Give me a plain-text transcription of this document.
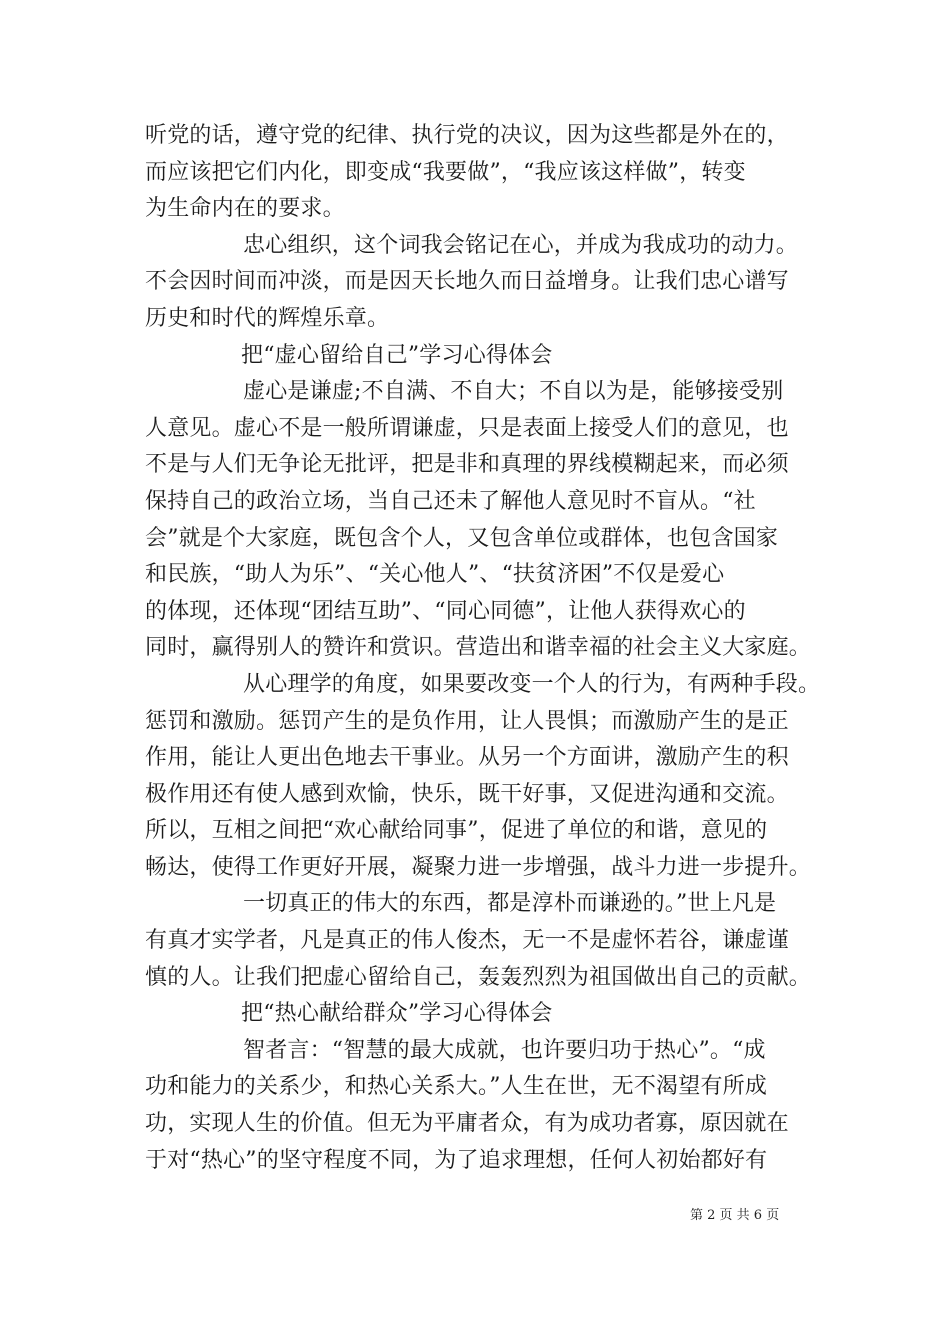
听党的话，遵守党的纪律、执行党的决议，因为这些都是外在的，
而应该把它们内化，即变成“我要做”，“我应该这样做”，转变
为生命内在的要求。
忠心组织，这个词我会铭记在心，并成为我成功的动力。
不会因时间而冲淡，而是因天长地久而日益增身。让我们忠心谱写
历史和时代的辉煌乐章。
把“虚心留给自己”学习心得体会
虚心是谦虚;不自满、不自大；不自以为是，能够接受别
人意见。虚心不是一般所谓谦虚，只是表面上接受人们的意见，也
不是与人们无争论无批评，把是非和真理的界线模糊起来，而必须
保持自己的政治立场，当自己还未了解他人意见时不盲从。“社
会”就是个大家庭，既包含个人，又包含单位或群体，也包含国家
和民族，“助人为乐”、“关心他人”、“扶贫济困”不仅是爱心
的体现，还体现“团结互助”、“同心同德”，让他人获得欢心的
同时，赢得别人的赞许和赏识。营造出和谐幸福的社会主义大家庭。
从心理学的角度，如果要改变一个人的行为，有两种手段。
惩罚和激励。惩罚产生的是负作用，让人畏惧；而激励产生的是正
作用，能让人更出色地去干事业。从另一个方面讲，激励产生的积
极作用还有使人感到欢愉，快乐，既干好事，又促进沟通和交流。
所以，互相之间把“欢心献给同事”，促进了单位的和谐，意见的
畅达，使得工作更好开展，凝聚力进一步增强，战斗力进一步提升。
一切真正的伟大的东西，都是淳朴而谦逊的。”世上凡是
有真才实学者，凡是真正的伟人俊杰，无一不是虚怀若谷，谦虚谨
慎的人。让我们把虚心留给自己，轰轰烈烈为祖国做出自己的贡献。
把“热心献给群众”学习心得体会
智者言：“智慧的最大成就，也许要归功于热心”。“成
功和能力的关系少，和热心关系大。”人生在世，无不渴望有所成
功，实现人生的价值。但无为平庸者众，有为成功者寡，原因就在
于对“热心”的坚守程度不同，为了追求理想，任何人初始都好有
第 2 页 共 6 页
